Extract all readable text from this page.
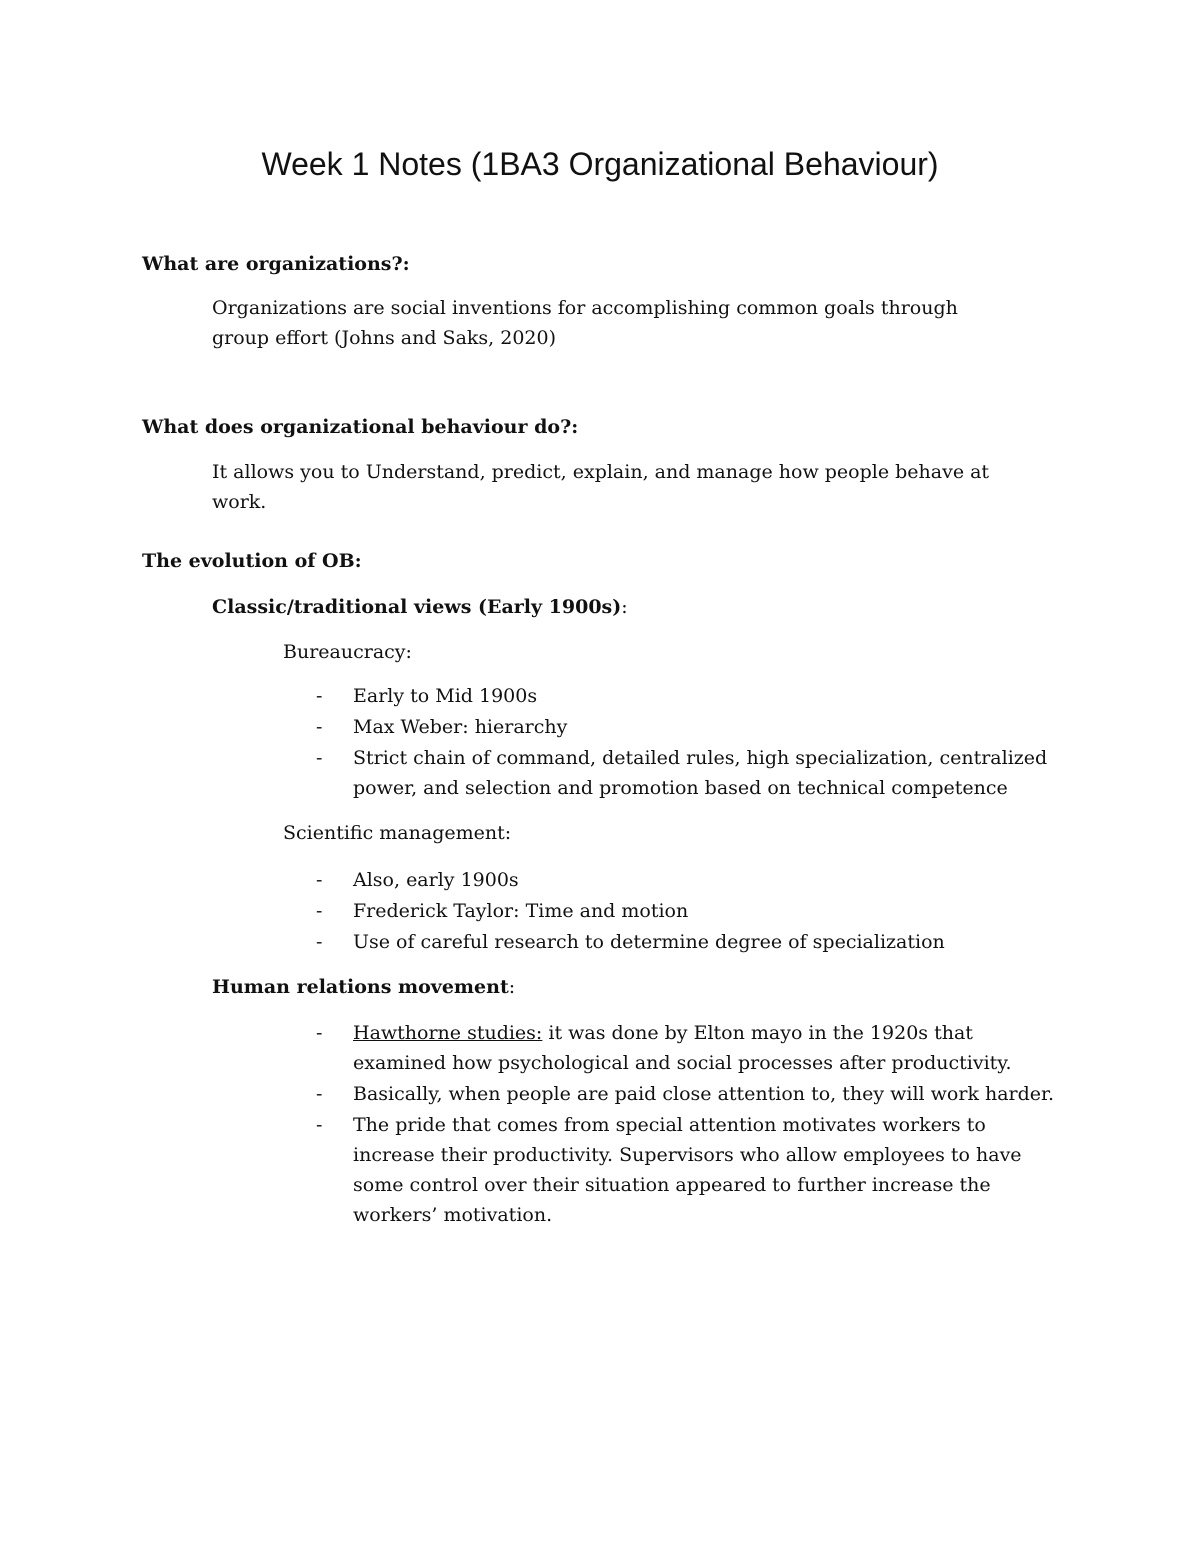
Week 1 Notes (1BA3 Organizational Behaviour)
What are organizations?:
Organizations are social inventions for accomplishing common goals through group effort (Johns and Saks, 2020)
What does organizational behaviour do?:
It allows you to Understand, predict, explain, and manage how people behave at work.
The evolution of OB:
Classic/traditional views (Early 1900s):
Bureaucracy:
- Early to Mid 1900s
- Max Weber: hierarchy
- Strict chain of command, detailed rules, high specialization, centralized power, and selection and promotion based on technical competence
Scientific management:
- Also, early 1900s
- Frederick Taylor: Time and motion
- Use of careful research to determine degree of specialization
Human relations movement:
- Hawthorne studies: it was done by Elton mayo in the 1920s that examined how psychological and social processes after productivity.
- Basically, when people are paid close attention to, they will work harder.
- The pride that comes from special attention motivates workers to increase their productivity. Supervisors who allow employees to have some control over their situation appeared to further increase the workers’ motivation.
